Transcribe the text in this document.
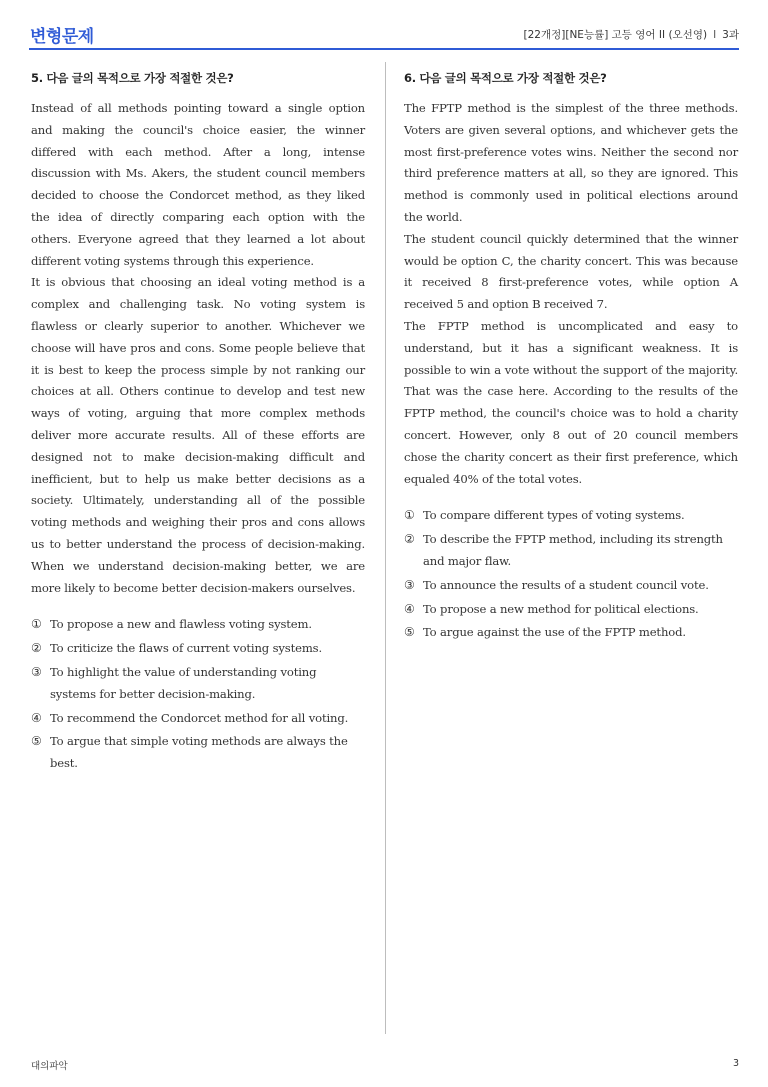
변형문제	[22개정][NE능률] 고등 영어 II (오선영) I 3과
5. 다음 글의 목적으로 가장 적절한 것은?

Instead of all methods pointing toward a single option and making the council's choice easier, the winner differed with each method. After a long, intense discussion with Ms. Akers, the student council members decided to choose the Condorcet method, as they liked the idea of directly comparing each option with the others. Everyone agreed that they learned a lot about different voting systems through this experience.

It is obvious that choosing an ideal voting method is a complex and challenging task. No voting system is flawless or clearly superior to another. Whichever we choose will have pros and cons. Some people believe that it is best to keep the process simple by not ranking our choices at all. Others continue to develop and test new ways of voting, arguing that more complex methods deliver more accurate results. All of these efforts are designed not to make decision-making difficult and inefficient, but to help us make better decisions as a society. Ultimately, understanding all of the possible voting methods and weighing their pros and cons allows us to better understand the process of decision-making. When we understand decision-making better, we are more likely to become better decision-makers ourselves.

① To propose a new and flawless voting system.
② To criticize the flaws of current voting systems.
③ To highlight the value of understanding voting systems for better decision-making.
④ To recommend the Condorcet method for all voting.
⑤ To argue that simple voting methods are always the best.
6. 다음 글의 목적으로 가장 적절한 것은?

The FPTP method is the simplest of the three methods. Voters are given several options, and whichever gets the most first-preference votes wins. Neither the second nor third preference matters at all, so they are ignored. This method is commonly used in political elections around the world.

The student council quickly determined that the winner would be option C, the charity concert. This was because it received 8 first-preference votes, while option A received 5 and option B received 7.

The FPTP method is uncomplicated and easy to understand, but it has a significant weakness. It is possible to win a vote without the support of the majority. That was the case here. According to the results of the FPTP method, the council's choice was to hold a charity concert. However, only 8 out of 20 council members chose the charity concert as their first preference, which equaled 40% of the total votes.

① To compare different types of voting systems.
② To describe the FPTP method, including its strength and major flaw.
③ To announce the results of a student council vote.
④ To propose a new method for political elections.
⑤ To argue against the use of the FPTP method.
대의파악	3
